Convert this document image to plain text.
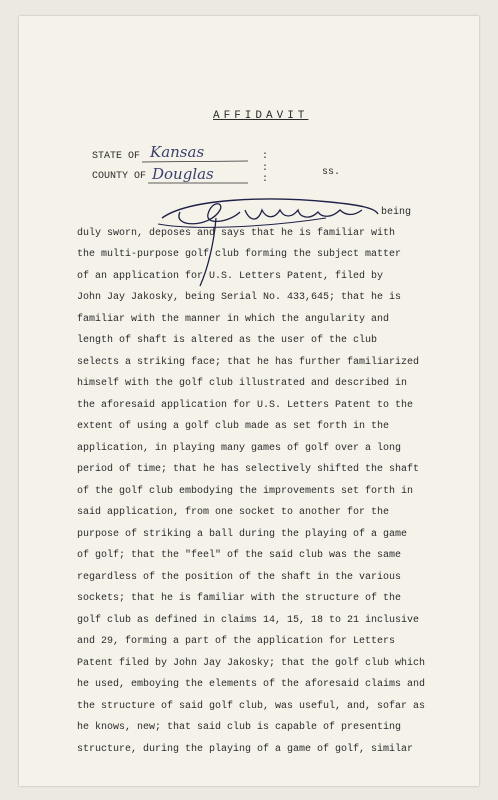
AFFIDAVIT
STATE OF Kansas	:
COUNTY OF Douglas	:
:
ss.
being
duly sworn, deposes and says that he is familiar with
the multi-purpose golf club forming the subject matter
of an application for U.S. Letters Patent, filed by
John Jay Jakosky, being Serial No. 433,645; that he is
familiar with the manner in which the angularity and
length of shaft is altered as the user of the club
selects a striking face; that he has further familiarized
himself with the golf club illustrated and described in
the aforesaid application for U.S. Letters Patent to the
extent of using a golf club made as set forth in the
application, in playing many games of golf over a long
period of time; that he has selectively shifted the shaft
of the golf club embodying the improvements set forth in
said application, from one socket to another for the
purpose of striking a ball during the playing of a game
of golf; that the "feel" of the said club was the same
regardless of the position of the shaft in the various
sockets; that he is familiar with the structure of the
golf club as defined in claims 14, 15, 18 to 21 inclusive
and 29, forming a part of the application for Letters
Patent filed by John Jay Jakosky; that the golf club which
he used, emboying the elements of the aforesaid claims and
the structure of said golf club, was useful, and, sofar as
he knows, new; that said club is capable of presenting
structure, during the playing of a game of golf, similar
